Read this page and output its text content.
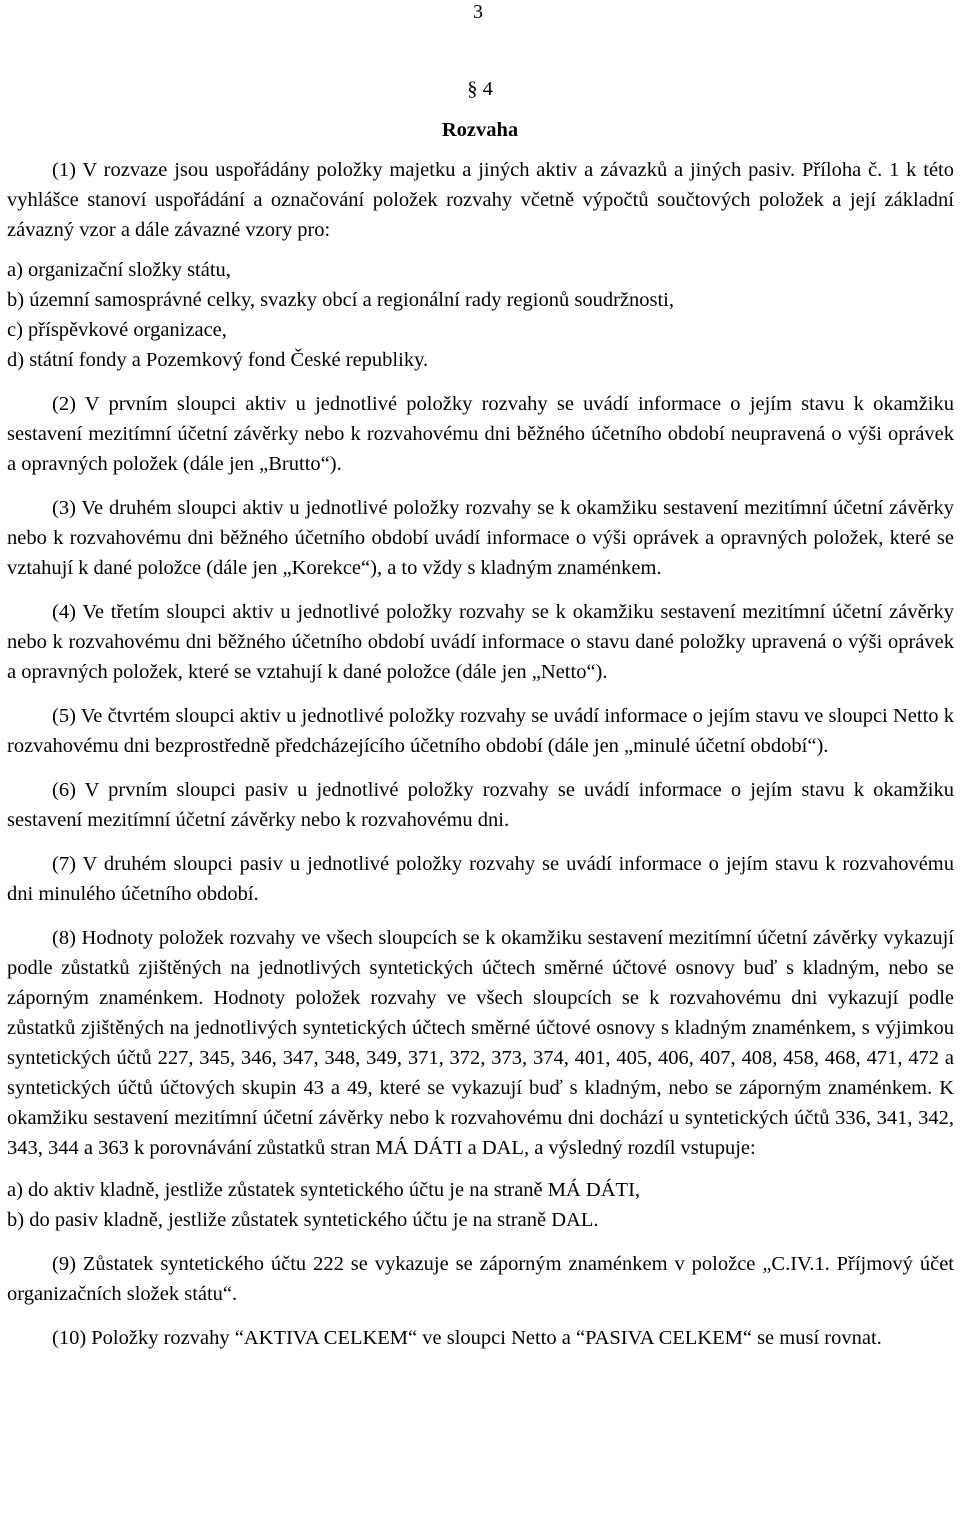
3
§ 4
Rozvaha

(1) V rozvaze jsou uspořádány položky majetku a jiných aktiv a závazků a jiných pasiv. Příloha č. 1 k této vyhlášce stanoví uspořádání a označování položek rozvahy včetně výpočtů součtových položek a její základní závazný vzor a dále závazné vzory pro:

a) organizační složky státu,
b) územní samosprávné celky, svazky obcí a regionální rady regionů soudržnosti,
c) příspěvkové organizace,
d) státní fondy a Pozemkový fond České republiky.

(2) V prvním sloupci aktiv u jednotlivé položky rozvahy se uvádí informace o jejím stavu k okamžiku sestavení mezitímní účetní závěrky nebo k rozvahovému dni běžného účetního období neupravená o výši oprávek a opravných položek (dále jen „Brutto“).

(3) Ve druhém sloupci aktiv u jednotlivé položky rozvahy se k okamžiku sestavení mezitímní účetní závěrky nebo k rozvahovému dni běžného účetního období uvádí informace o výši oprávek a opravných položek, které se vztahují k dané položce (dále jen „Korekce“), a to vždy s kladným znaménkem.

(4) Ve třetím sloupci aktiv u jednotlivé položky rozvahy se k okamžiku sestavení mezitímní účetní závěrky nebo k rozvahovému dni běžného účetního období uvádí informace o stavu dané položky upravená o výši oprávek a opravných položek, které se vztahují k dané položce (dále jen „Netto“).

(5) Ve čtvrtém sloupci aktiv u jednotlivé položky rozvahy se uvádí informace o jejím stavu ve sloupci Netto k rozvahovému dni bezprostředně předcházejícího účetního období (dále jen „minulé účetní období“).

(6) V prvním sloupci pasiv u jednotlivé položky rozvahy se uvádí informace o jejím stavu k okamžiku sestavení mezitímní účetní závěrky nebo k rozvahovému dni.

(7) V druhém sloupci pasiv u jednotlivé položky rozvahy se uvádí informace o jejím stavu k rozvahovému dni minulého účetního období.

(8) Hodnoty položek rozvahy ve všech sloupcích se k okamžiku sestavení mezitímní účetní závěrky vykazují podle zůstatků zjištěných na jednotlivých syntetických účtech směrné účtové osnovy buď s kladným, nebo se záporným znaménkem. Hodnoty položek rozvahy ve všech sloupcích se k rozvahovému dni vykazují podle zůstatků zjištěných na jednotlivých syntetických účtech směrné účtové osnovy s kladným znaménkem, s výjimkou syntetických účtů 227, 345, 346, 347, 348, 349, 371, 372, 373, 374, 401, 405, 406, 407, 408, 458, 468, 471, 472 a syntetických účtů účtových skupin 43 a 49, které se vykazují buď s kladným, nebo se záporným znaménkem. K okamžiku sestavení mezitímní účetní závěrky nebo k rozvahovému dni dochází u syntetických účtů 336, 341, 342, 343, 344 a 363 k porovnávání zůstatků stran MÁ DÁTI a DAL, a výsledný rozdíl vstupuje:

a) do aktiv kladně, jestliže zůstatek syntetického účtu je na straně MÁ DÁTI,
b) do pasiv kladně, jestliže zůstatek syntetického účtu je na straně DAL.

(9) Zůstatek syntetického účtu 222 se vykazuje se záporným znaménkem v položce „C.IV.1. Příjmový účet organizačních složek státu“.

(10) Položky rozvahy “AKTIVA CELKEM“ ve sloupci Netto a “PASIVA CELKEM“ se musí rovnat.
